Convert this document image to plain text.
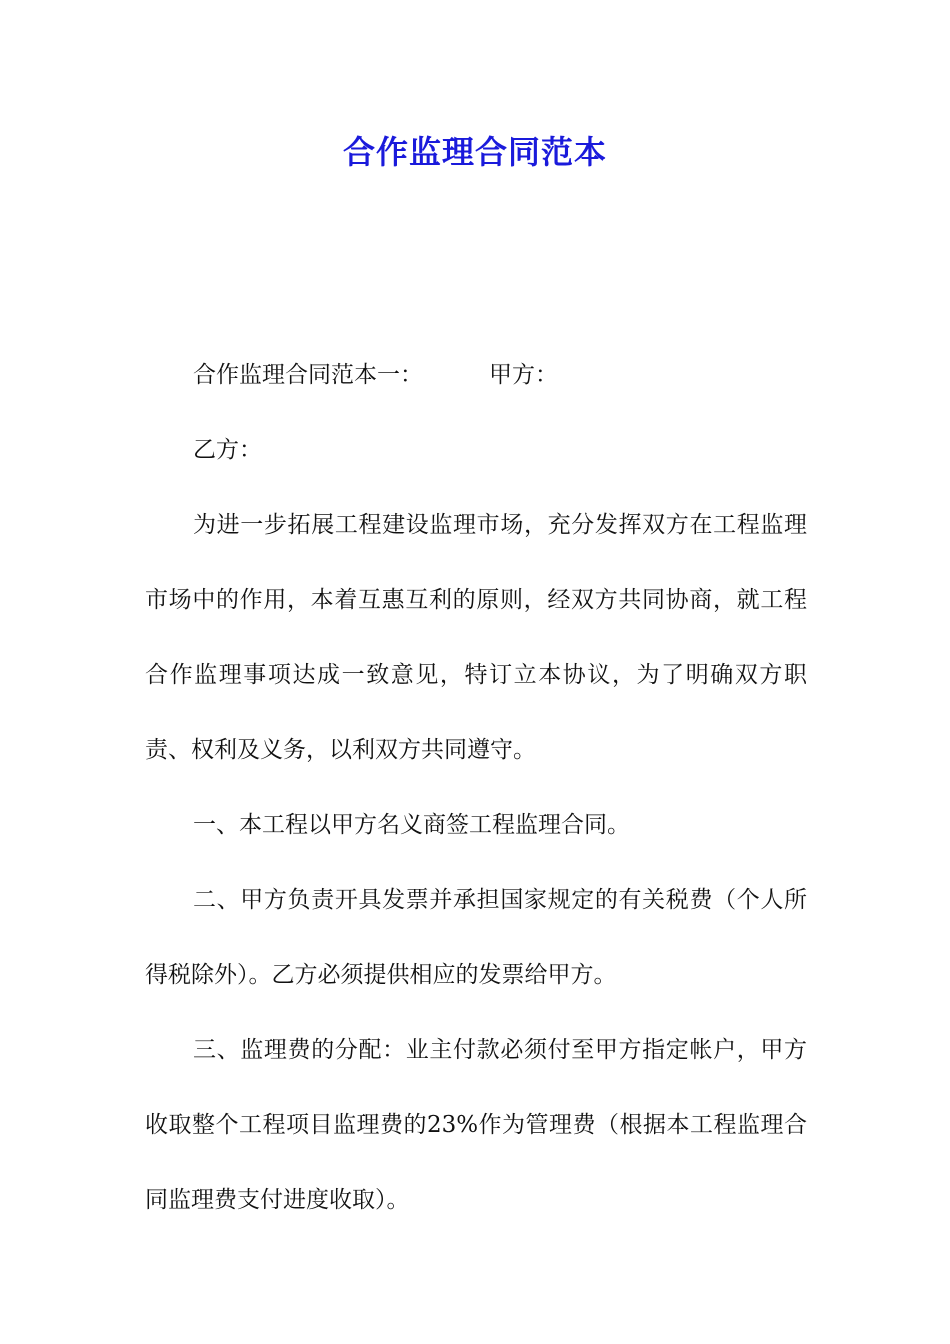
合作监理合同范本

合作监理合同范本一：	甲方：

乙方：

为进一步拓展工程建设监理市场，充分发挥双方在工程监理市场中的作用，本着互惠互利的原则，经双方共同协商，就工程合作监理事项达成一致意见，特订立本协议，为了明确双方职责、权利及义务，以利双方共同遵守。

一、本工程以甲方名义商签工程监理合同。

二、甲方负责开具发票并承担国家规定的有关税费（个人所得税除外）。乙方必须提供相应的发票给甲方。

三、监理费的分配：业主付款必须付至甲方指定帐户，甲方收取整个工程项目监理费的23%作为管理费（根据本工程监理合同监理费支付进度收取）。
